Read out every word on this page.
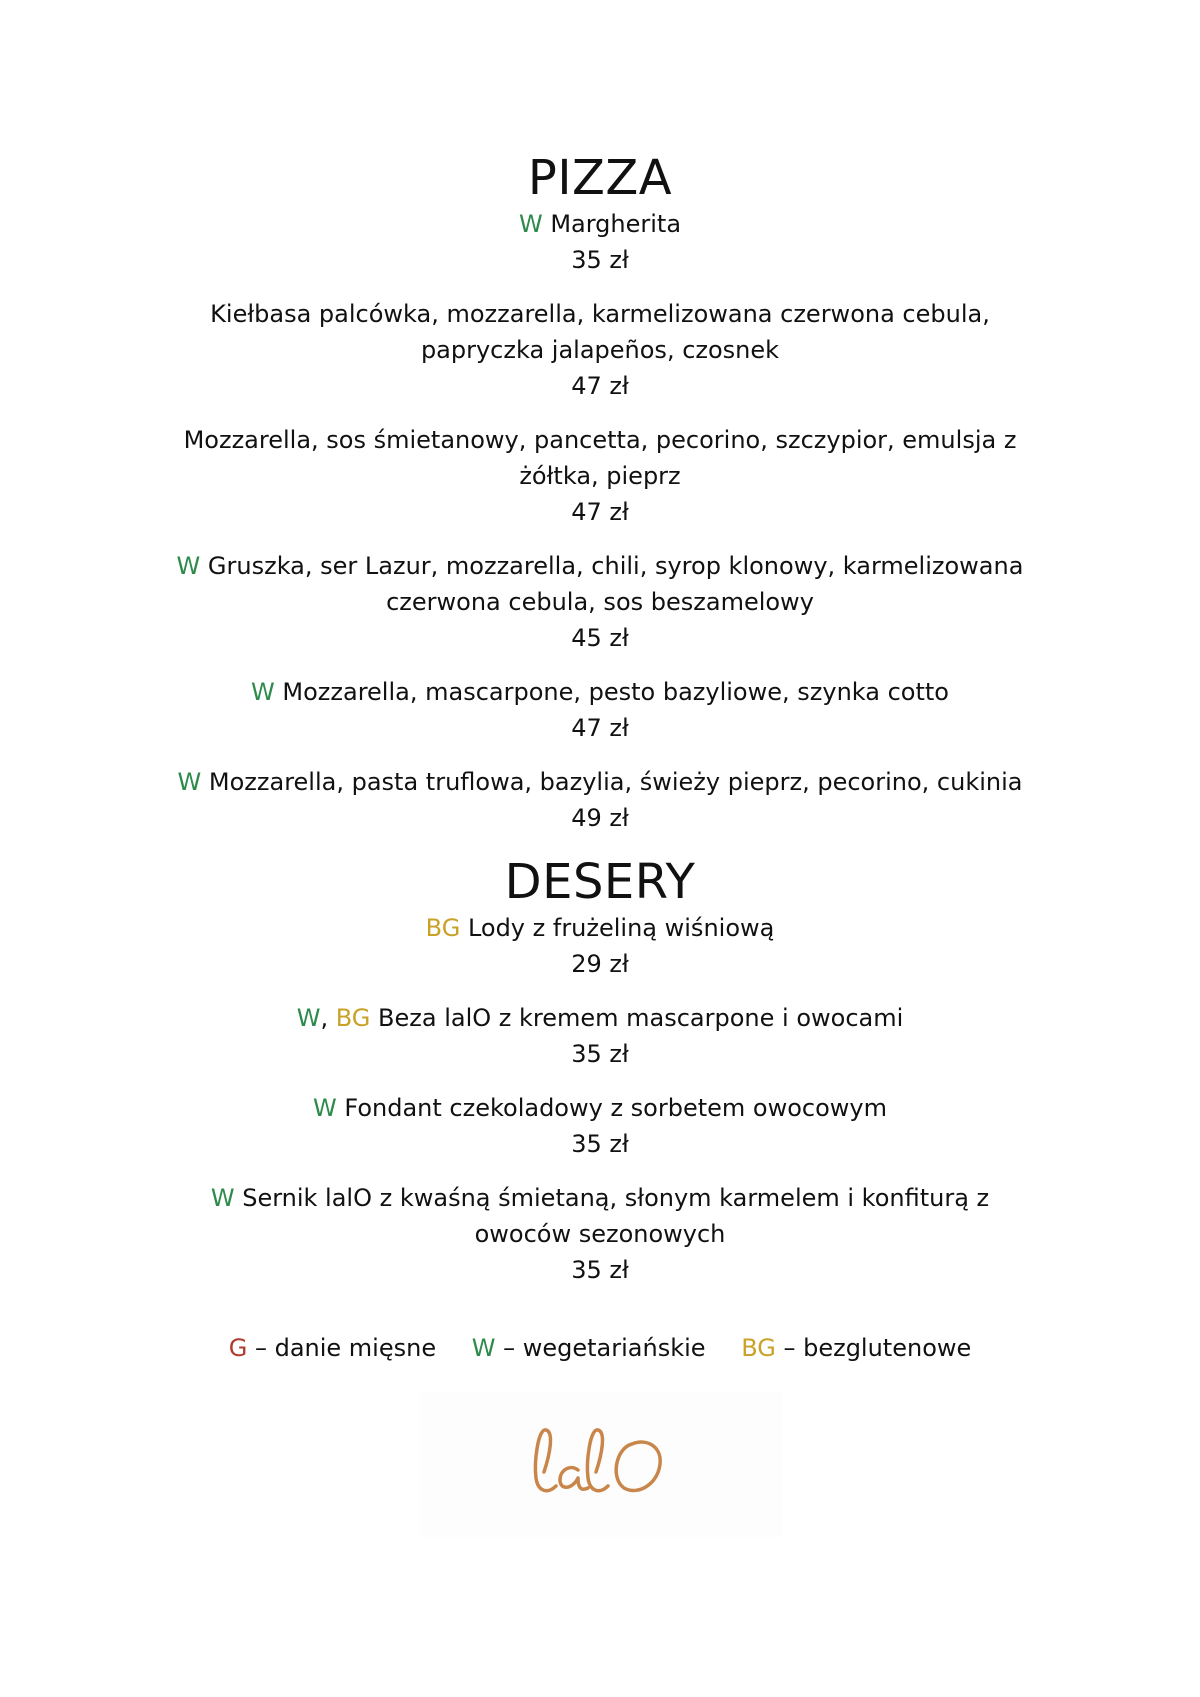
PIZZA
W Margherita
35 zł
Kiełbasa palcówka, mozzarella, karmelizowana czerwona cebula, papryczka jalapeños, czosnek
47 zł
Mozzarella, sos śmietanowy, pancetta, pecorino, szczypior, emulsja z żółtka, pieprz
47 zł
W Gruszka, ser Lazur, mozzarella, chili, syrop klonowy, karmelizowana czerwona cebula, sos beszamelowy
45 zł
W Mozzarella, mascarpone, pesto bazyliowe, szynka cotto
47 zł
W Mozzarella, pasta truflowa, bazylia, świeży pieprz, pecorino, cukinia
49 zł
DESERY
BG Lody z frużeliną wiśniową
29 zł
W, BG Beza lalO z kremem mascarpone i owocami
35 zł
W Fondant czekoladowy z sorbetem owocowym
35 zł
W Sernik lalO z kwaśną śmietaną, słonym karmelem i konfiturą z owoców sezonowych
35 zł
G – danie mięsne W – wegetariańskie BG – bezglutenowe
